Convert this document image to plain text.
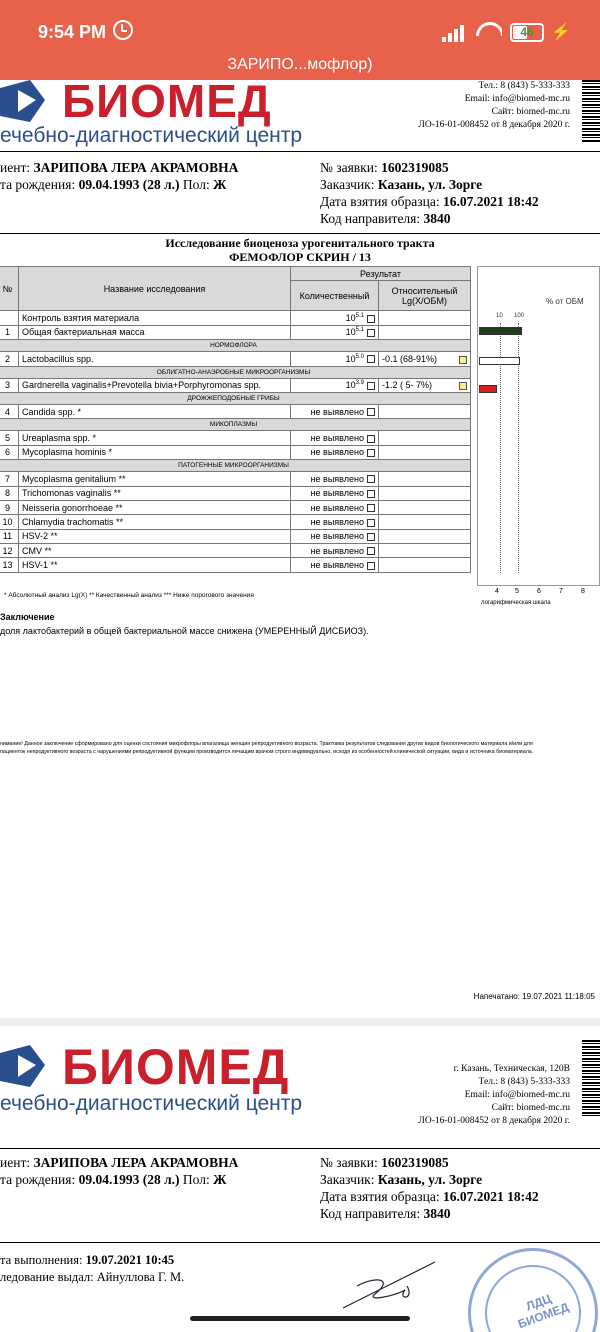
9:54 PM	46	⚡
ЗАРИПО...мофлор)
БИОМЕД
ечебно-диагностический центр
Тел.: 8 (843) 5-333-333
Email: info@biomed-mc.ru
Сайт: biomed-mc.ru
ЛО-16-01-008452 от 8 декабря 2020 г.
иент: ЗАРИПОВА ЛЕРА АКРАМОВНА
та рождения: 09.04.1993 (28 л.) Пол: Ж
№ заявки: 1602319085
Заказчик: Казань, ул. Зорге
Дата взятия образца: 16.07.2021 18:42
Код направителя: 3840
Исследование биоценоза урогенитального тракта
ФЕМОФЛОР СКРИН / 13
№	Название исследования	Результат	
		Количественный	Относительный Lg(X/ОБМ)
	Контроль взятия материала	$10^{5.1}$	
1	Общая бактериальная масса	$10^{5.1}$	
НОРМОФЛОРА			
2	Lactobacillus spp.	$10^{5.0}$	-0.1 (68-91%)

ОБЛИГАТНО-АНАЭРОБНЫЕ МИКРООРГАНИЗМЫ			
3	Gardnerella vaginalis+Prevotella bivia+Porphyromonas spp.	$10^{3.9}$	-1.2 ( 5- 7%)

ДРОЖЖЕПОДОБНЫЕ ГРИБЫ			
4	Candida spp. *	не выявлено	
МИКОПЛАЗМЫ			
5	Ureaplasma spp. *	не выявлено	
6	Mycoplasma hominis *	не выявлено	
ПАТОГЕННЫЕ МИКРООРГАНИЗМЫ			
7	Mycoplasma genitalium **	не выявлено	
8	Trichomonas vaginalis **	не выявлено	
9	Neisseria gonorrhoeae **	не выявлено	
10	Chlamydia trachomatis **	не выявлено	
11	HSV-2 **	не выявлено	
12	CMV **	не выявлено	
13	HSV-1 **	не выявлено	
% от ОБМ
10 100
4 5	6	7	8
логарифмическая шкала
* Абсолютный анализ Lg(X) ** Качественный анализ *** Ниже порогового значения
Заключение
доля лактобактерий в общей бактериальной массе снижена (УМЕРЕННЫЙ ДИСБИОЗ).
нимание! Данное заключение сформировано для оценки состояния микрофлоры влагалища женщин репродуктивного возраста. Трактовка результатов следования других видов биологического материала и/или для пациенток непродуктивного возраста с нарушениями репродуктивной функции производится лечащим врачом строго индивидуально, исходя из особенностей клинической ситуации, вида и источника биоматериала.
Напечатано: 19.07.2021 11:18:05
БИОМЕД
ечебно-диагностический центр
г. Казань, Техническая, 120В
Тел.: 8 (843) 5-333-333
Email: info@biomed-mc.ru
Сайт: biomed-mc.ru
ЛО-16-01-008452 от 8 декабря 2020 г.
иент: ЗАРИПОВА ЛЕРА АКРАМОВНА
та рождения: 09.04.1993 (28 л.) Пол: Ж
№ заявки: 1602319085
Заказчик: Казань, ул. Зорге
Дата взятия образца: 16.07.2021 18:42
Код направителя: 3840
та выполнения: 19.07.2021 10:45
ледование выдал: Айнуллова Г. М.
ЛДЦ БИОМЕД
